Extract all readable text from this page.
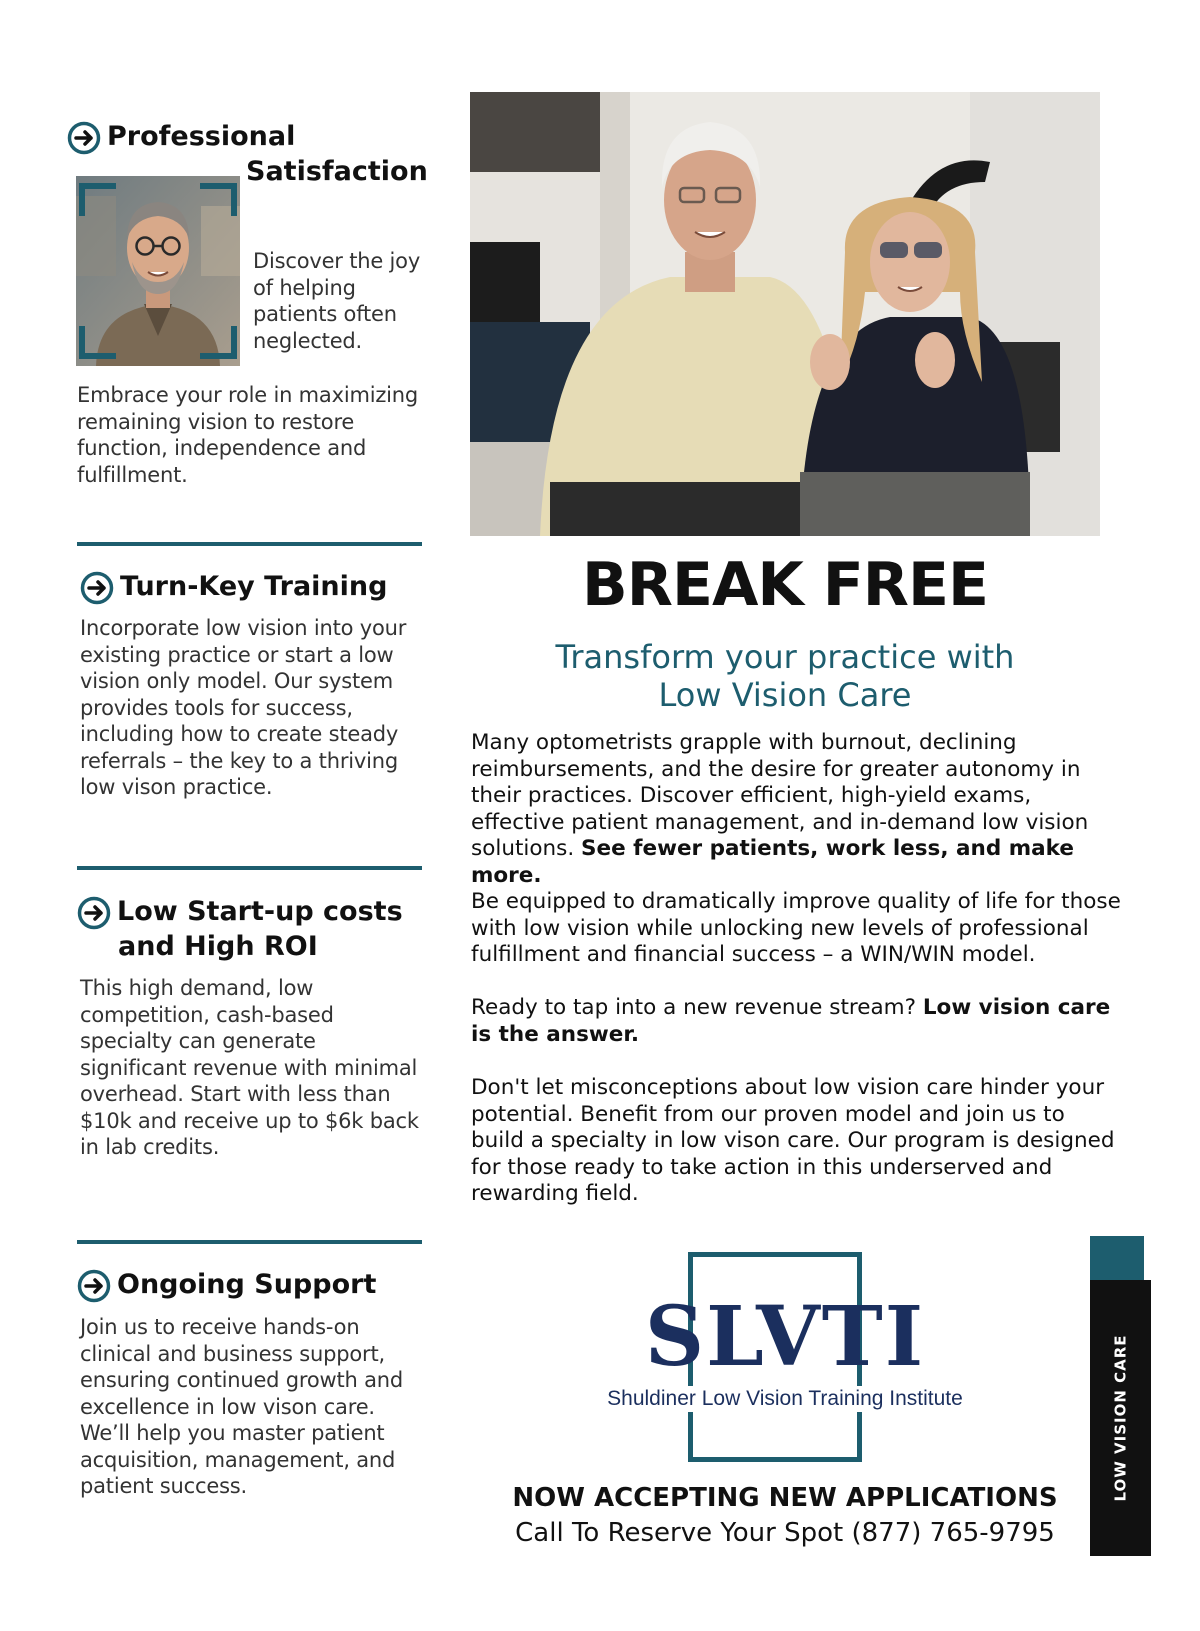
Professional
Satisfaction
Discover the joy of helping patients often neglected.
Embrace your role in maximizing remaining vision to restore function, independence and fulfillment.
Turn-Key Training
Incorporate low vision into your existing practice or start a low vision only model. Our system provides tools for success, including how to create steady referrals – the key to a thriving low vison practice.
Low Start-up costs
and High ROI
This high demand, low competition, cash-based specialty can generate significant revenue with minimal overhead. Start with less than $10k and receive up to $6k back in lab credits.
Ongoing Support
Join us to receive hands-on clinical and business support, ensuring continued growth and excellence in low vison care. We’ll help you master patient acquisition, management, and patient success.
BREAK FREE
Transform your practice with
Low Vision Care
Many optometrists grapple with burnout, declining reimbursements, and the desire for greater autonomy in their practices. Discover efficient, high-yield exams, effective patient management, and in-demand low vision solutions. See fewer patients, work less, and make more.
Be equipped to dramatically improve quality of life for those with low vision while unlocking new levels of professional fulfillment and financial success – a WIN/WIN model.
Ready to tap into a new revenue stream? Low vision care is the answer.
Don't let misconceptions about low vision care hinder your potential. Benefit from our proven model and join us to build a specialty in low vison care. Our program is designed for those ready to take action in this underserved and rewarding field.
SLVTI
Shuldiner Low Vision Training Institute
NOW ACCEPTING NEW APPLICATIONS
Call To Reserve Your Spot (877) 765-9795
LOW VISION CARE
